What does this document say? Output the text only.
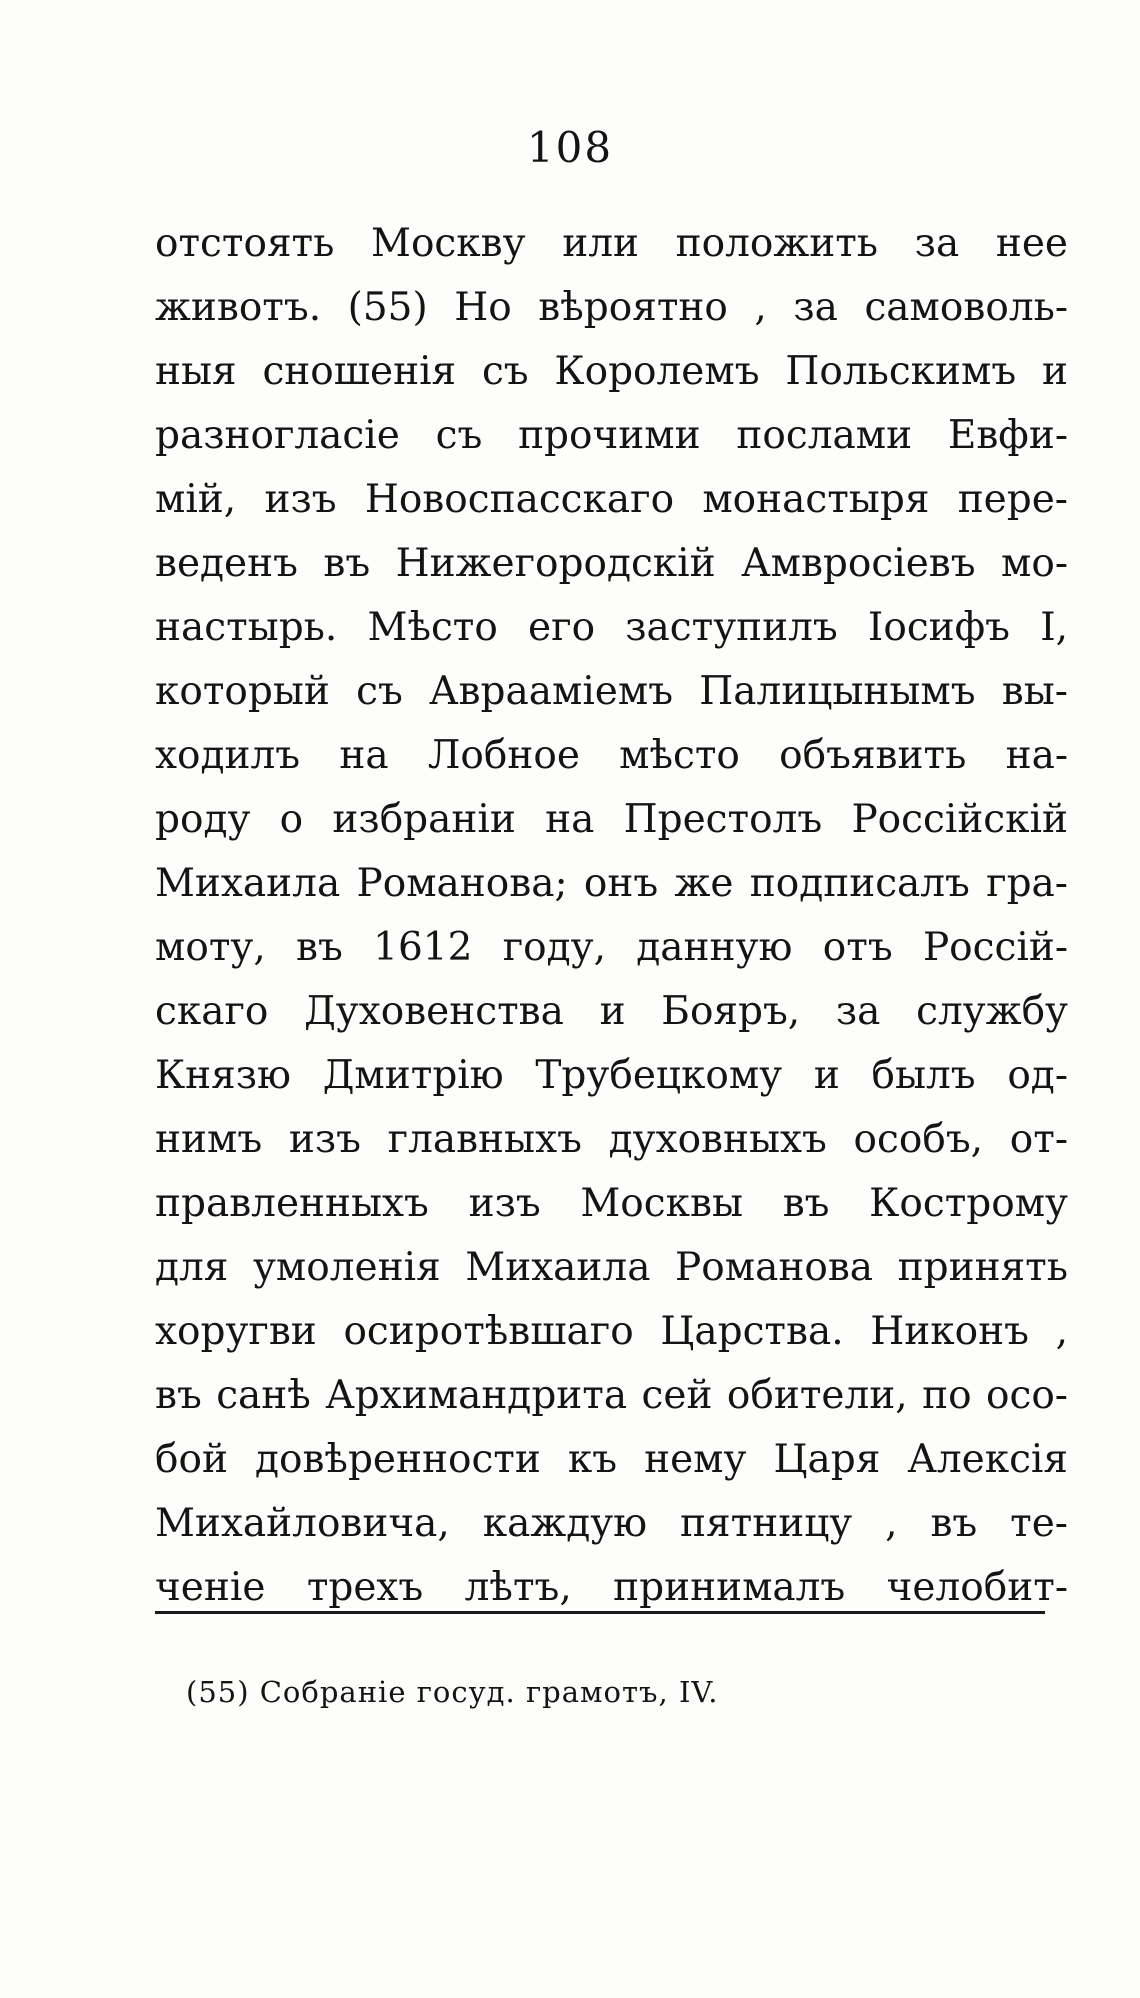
108
отстоять Москву или положить за нее
животъ. (55) Но вѣроятно , за самоволь-
ныя сношенія съ Королемъ Польскимъ и
разногласіе съ прочими послами Евфи-
мій, изъ Новоспасскаго монастыря пере-
веденъ въ Нижегородскій Амвросіевъ мо-
настырь. Мѣсто его заступилъ Іосифъ I,
который съ Авраамiемъ Палицынымъ вы-
ходилъ на Лобное мѣсто объявить на-
роду о избраніи на Престолъ Россійскій
Михаила Романова; онъ же подписалъ гра-
моту, въ 1612 году, данную отъ Россій-
скаго Духовенства и Бояръ, за службу
Князю Дмитрію Трубецкому и былъ од-
нимъ изъ главныхъ духовныхъ особъ, от-
правленныхъ изъ Москвы въ Кострому
для умоленія Михаила Романова принять
хоругви осиротѣвшаго Царства. Никонъ ,
въ санѣ Архимандрита сей обители, по осо-
бой довѣренности къ нему Царя Алексія
Михайловича, каждую пятницу , въ те-
ченіе трехъ лѣтъ, принималъ челобит-
(55) Собраніе госуд. грамотъ, IV.
